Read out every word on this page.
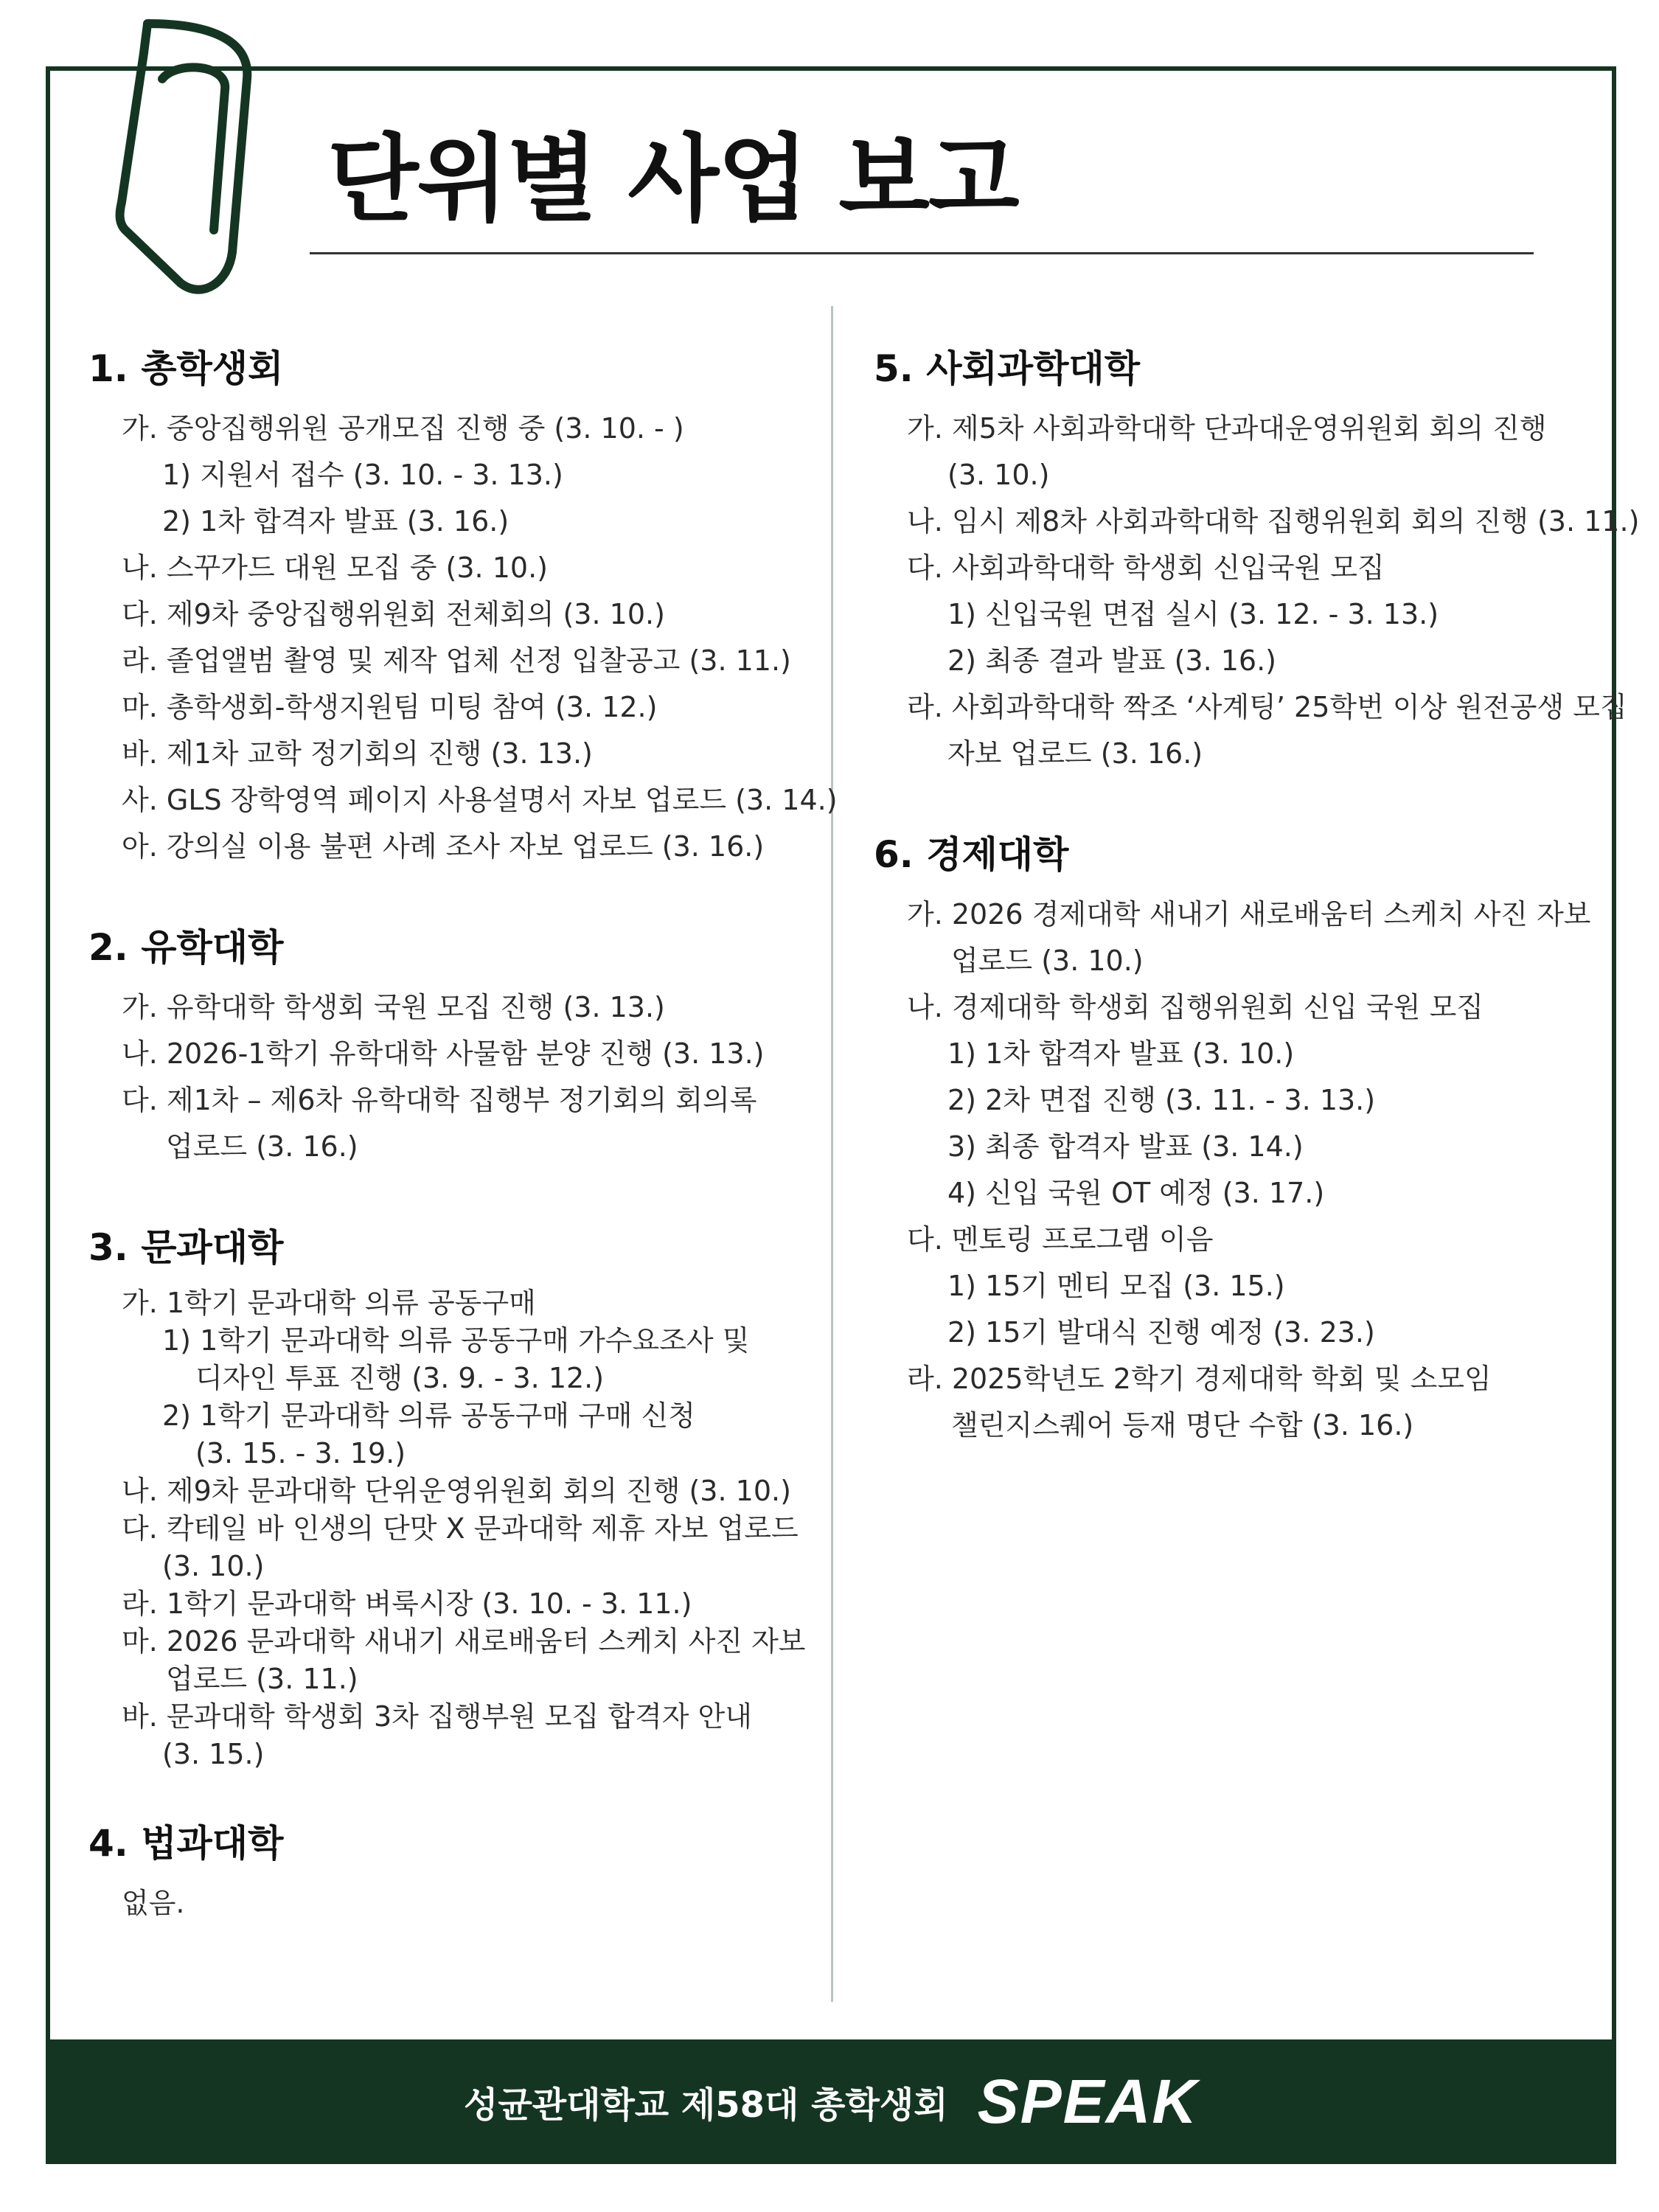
단위별 사업 보고
1. 총학생회
가. 중앙집행위원 공개모집 진행 중 (3. 10. - )
1) 지원서 접수 (3. 10. - 3. 13.)
2) 1차 합격자 발표 (3. 16.)
나. 스꾸가드 대원 모집 중 (3. 10.)
다. 제9차 중앙집행위원회 전체회의 (3. 10.)
라. 졸업앨범 촬영 및 제작 업체 선정 입찰공고 (3. 11.)
마. 총학생회-학생지원팀 미팅 참여 (3. 12.)
바. 제1차 교학 정기회의 진행 (3. 13.)
사. GLS 장학영역 페이지 사용설명서 자보 업로드 (3. 14.)
아. 강의실 이용 불편 사례 조사 자보 업로드 (3. 16.)
2. 유학대학
가. 유학대학 학생회 국원 모집 진행 (3. 13.)
나. 2026-1학기 유학대학 사물함 분양 진행 (3. 13.)
다. 제1차 – 제6차 유학대학 집행부 정기회의 회의록
업로드 (3. 16.)
3. 문과대학
가. 1학기 문과대학 의류 공동구매
1) 1학기 문과대학 의류 공동구매 가수요조사 및
디자인 투표 진행 (3. 9. - 3. 12.)
2) 1학기 문과대학 의류 공동구매 구매 신청
(3. 15. - 3. 19.)
나. 제9차 문과대학 단위운영위원회 회의 진행 (3. 10.)
다. 칵테일 바 인생의 단맛 X 문과대학 제휴 자보 업로드
(3. 10.)
라. 1학기 문과대학 벼룩시장 (3. 10. - 3. 11.)
마. 2026 문과대학 새내기 새로배움터 스케치 사진 자보
업로드 (3. 11.)
바. 문과대학 학생회 3차 집행부원 모집 합격자 안내
(3. 15.)
4. 법과대학
없음.
5. 사회과학대학
가. 제5차 사회과학대학 단과대운영위원회 회의 진행
(3. 10.)
나. 임시 제8차 사회과학대학 집행위원회 회의 진행 (3. 11.)
다. 사회과학대학 학생회 신입국원 모집
1) 신입국원 면접 실시 (3. 12. - 3. 13.)
2) 최종 결과 발표 (3. 16.)
라. 사회과학대학 짝조 ‘사계팅’ 25학번 이상 원전공생 모집
자보 업로드 (3. 16.)
6. 경제대학
가. 2026 경제대학 새내기 새로배움터 스케치 사진 자보
업로드 (3. 10.)
나. 경제대학 학생회 집행위원회 신입 국원 모집
1) 1차 합격자 발표 (3. 10.)
2) 2차 면접 진행 (3. 11. - 3. 13.)
3) 최종 합격자 발표 (3. 14.)
4) 신입 국원 OT 예정 (3. 17.)
다. 멘토링 프로그램 이음
1) 15기 멘티 모집 (3. 15.)
2) 15기 발대식 진행 예정 (3. 23.)
라. 2025학년도 2학기 경제대학 학회 및 소모임
챌린지스퀘어 등재 명단 수합 (3. 16.)
성균관대학교 제58대 총학생회 SPEAK
